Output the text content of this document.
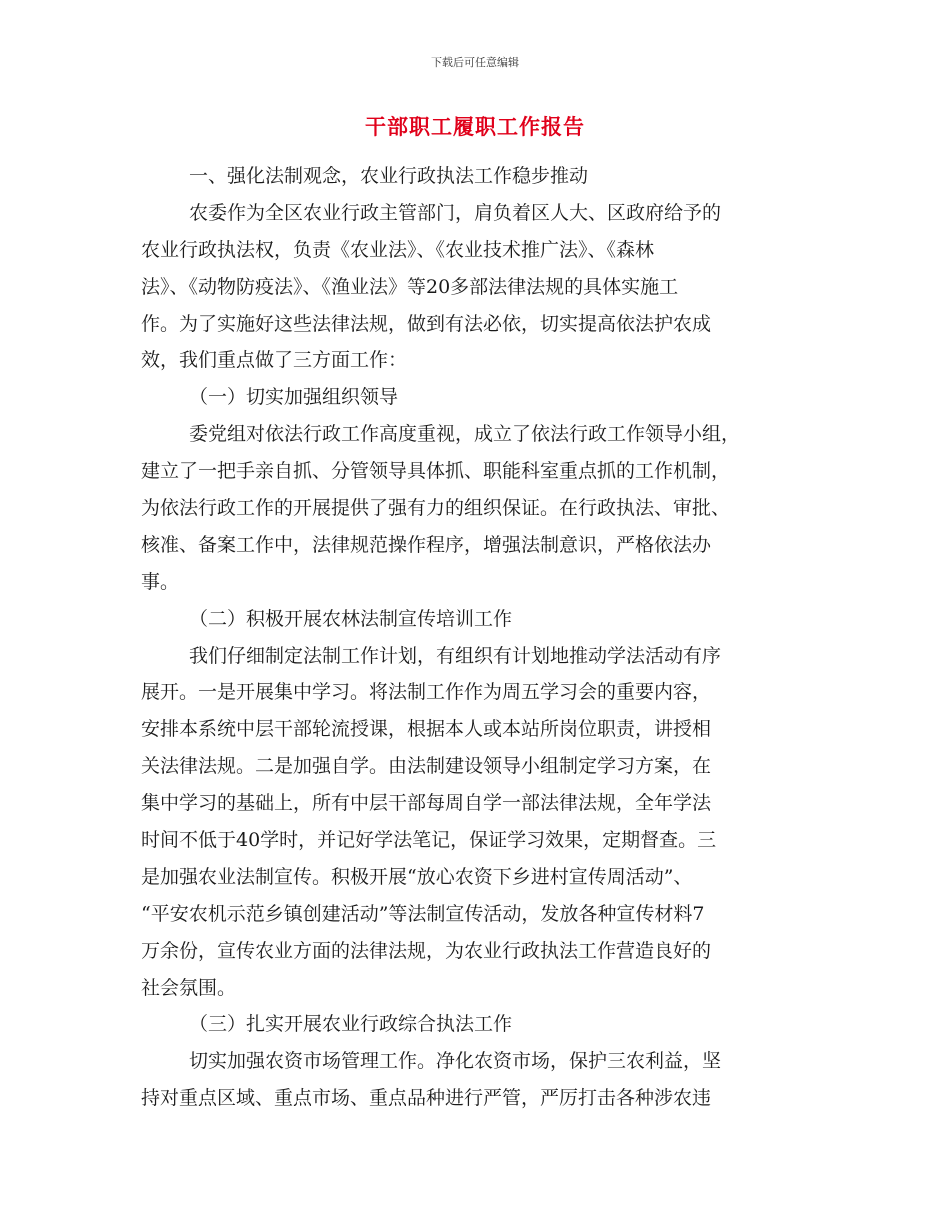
下载后可任意编辑
干部职工履职工作报告
一、强化法制观念，农业行政执法工作稳步推动
农委作为全区农业行政主管部门，肩负着区人大、区政府给予的
农业行政执法权，负责《农业法》、《农业技术推广法》、《森林
法》、《动物防疫法》、《渔业法》等20多部法律法规的具体实施工
作。为了实施好这些法律法规，做到有法必依，切实提高依法护农成
效，我们重点做了三方面工作：
（一）切实加强组织领导
委党组对依法行政工作高度重视，成立了依法行政工作领导小组，
建立了一把手亲自抓、分管领导具体抓、职能科室重点抓的工作机制，
为依法行政工作的开展提供了强有力的组织保证。在行政执法、审批、
核准、备案工作中，法律规范操作程序，增强法制意识，严格依法办
事。
（二）积极开展农林法制宣传培训工作
我们仔细制定法制工作计划，有组织有计划地推动学法活动有序
展开。一是开展集中学习。将法制工作作为周五学习会的重要内容，
安排本系统中层干部轮流授课，根据本人或本站所岗位职责，讲授相
关法律法规。二是加强自学。由法制建设领导小组制定学习方案，在
集中学习的基础上，所有中层干部每周自学一部法律法规，全年学法
时间不低于40学时，并记好学法笔记，保证学习效果，定期督查。三
是加强农业法制宣传。积极开展“放心农资下乡进村宣传周活动”、
“平安农机示范乡镇创建活动”等法制宣传活动，发放各种宣传材料7
万余份，宣传农业方面的法律法规，为农业行政执法工作营造良好的
社会氛围。
（三）扎实开展农业行政综合执法工作
切实加强农资市场管理工作。净化农资市场，保护三农利益，坚
持对重点区域、重点市场、重点品种进行严管，严厉打击各种涉农违
